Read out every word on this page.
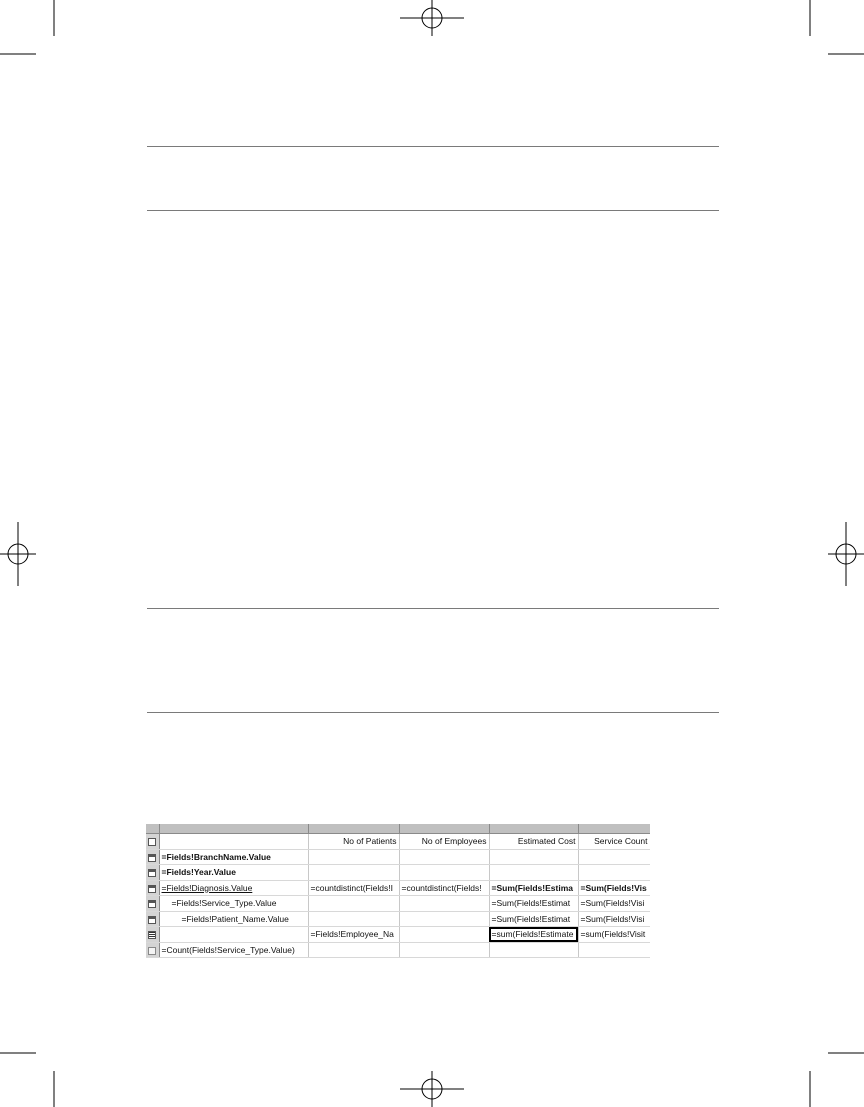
		No of Patients	No of Employees	Estimated Cost	Service Count
	=Fields!BranchName.Value				
	=Fields!Year.Value				
	=Fields!Diagnosis.Value	=countdistinct(Fields!I	=countdistinct(Fields!	=Sum(Fields!Estima	=Sum(Fields!Vis
	=Fields!Service_Type.Value			=Sum(Fields!Estimat	=Sum(Fields!Visi
	=Fields!Patient_Name.Value			=Sum(Fields!Estimat	=Sum(Fields!Visi
		=Fields!Employee_Na		=sum(Fields!Estimate	=sum(Fields!Visit
	=Count(Fields!Service_Type.Value)				
